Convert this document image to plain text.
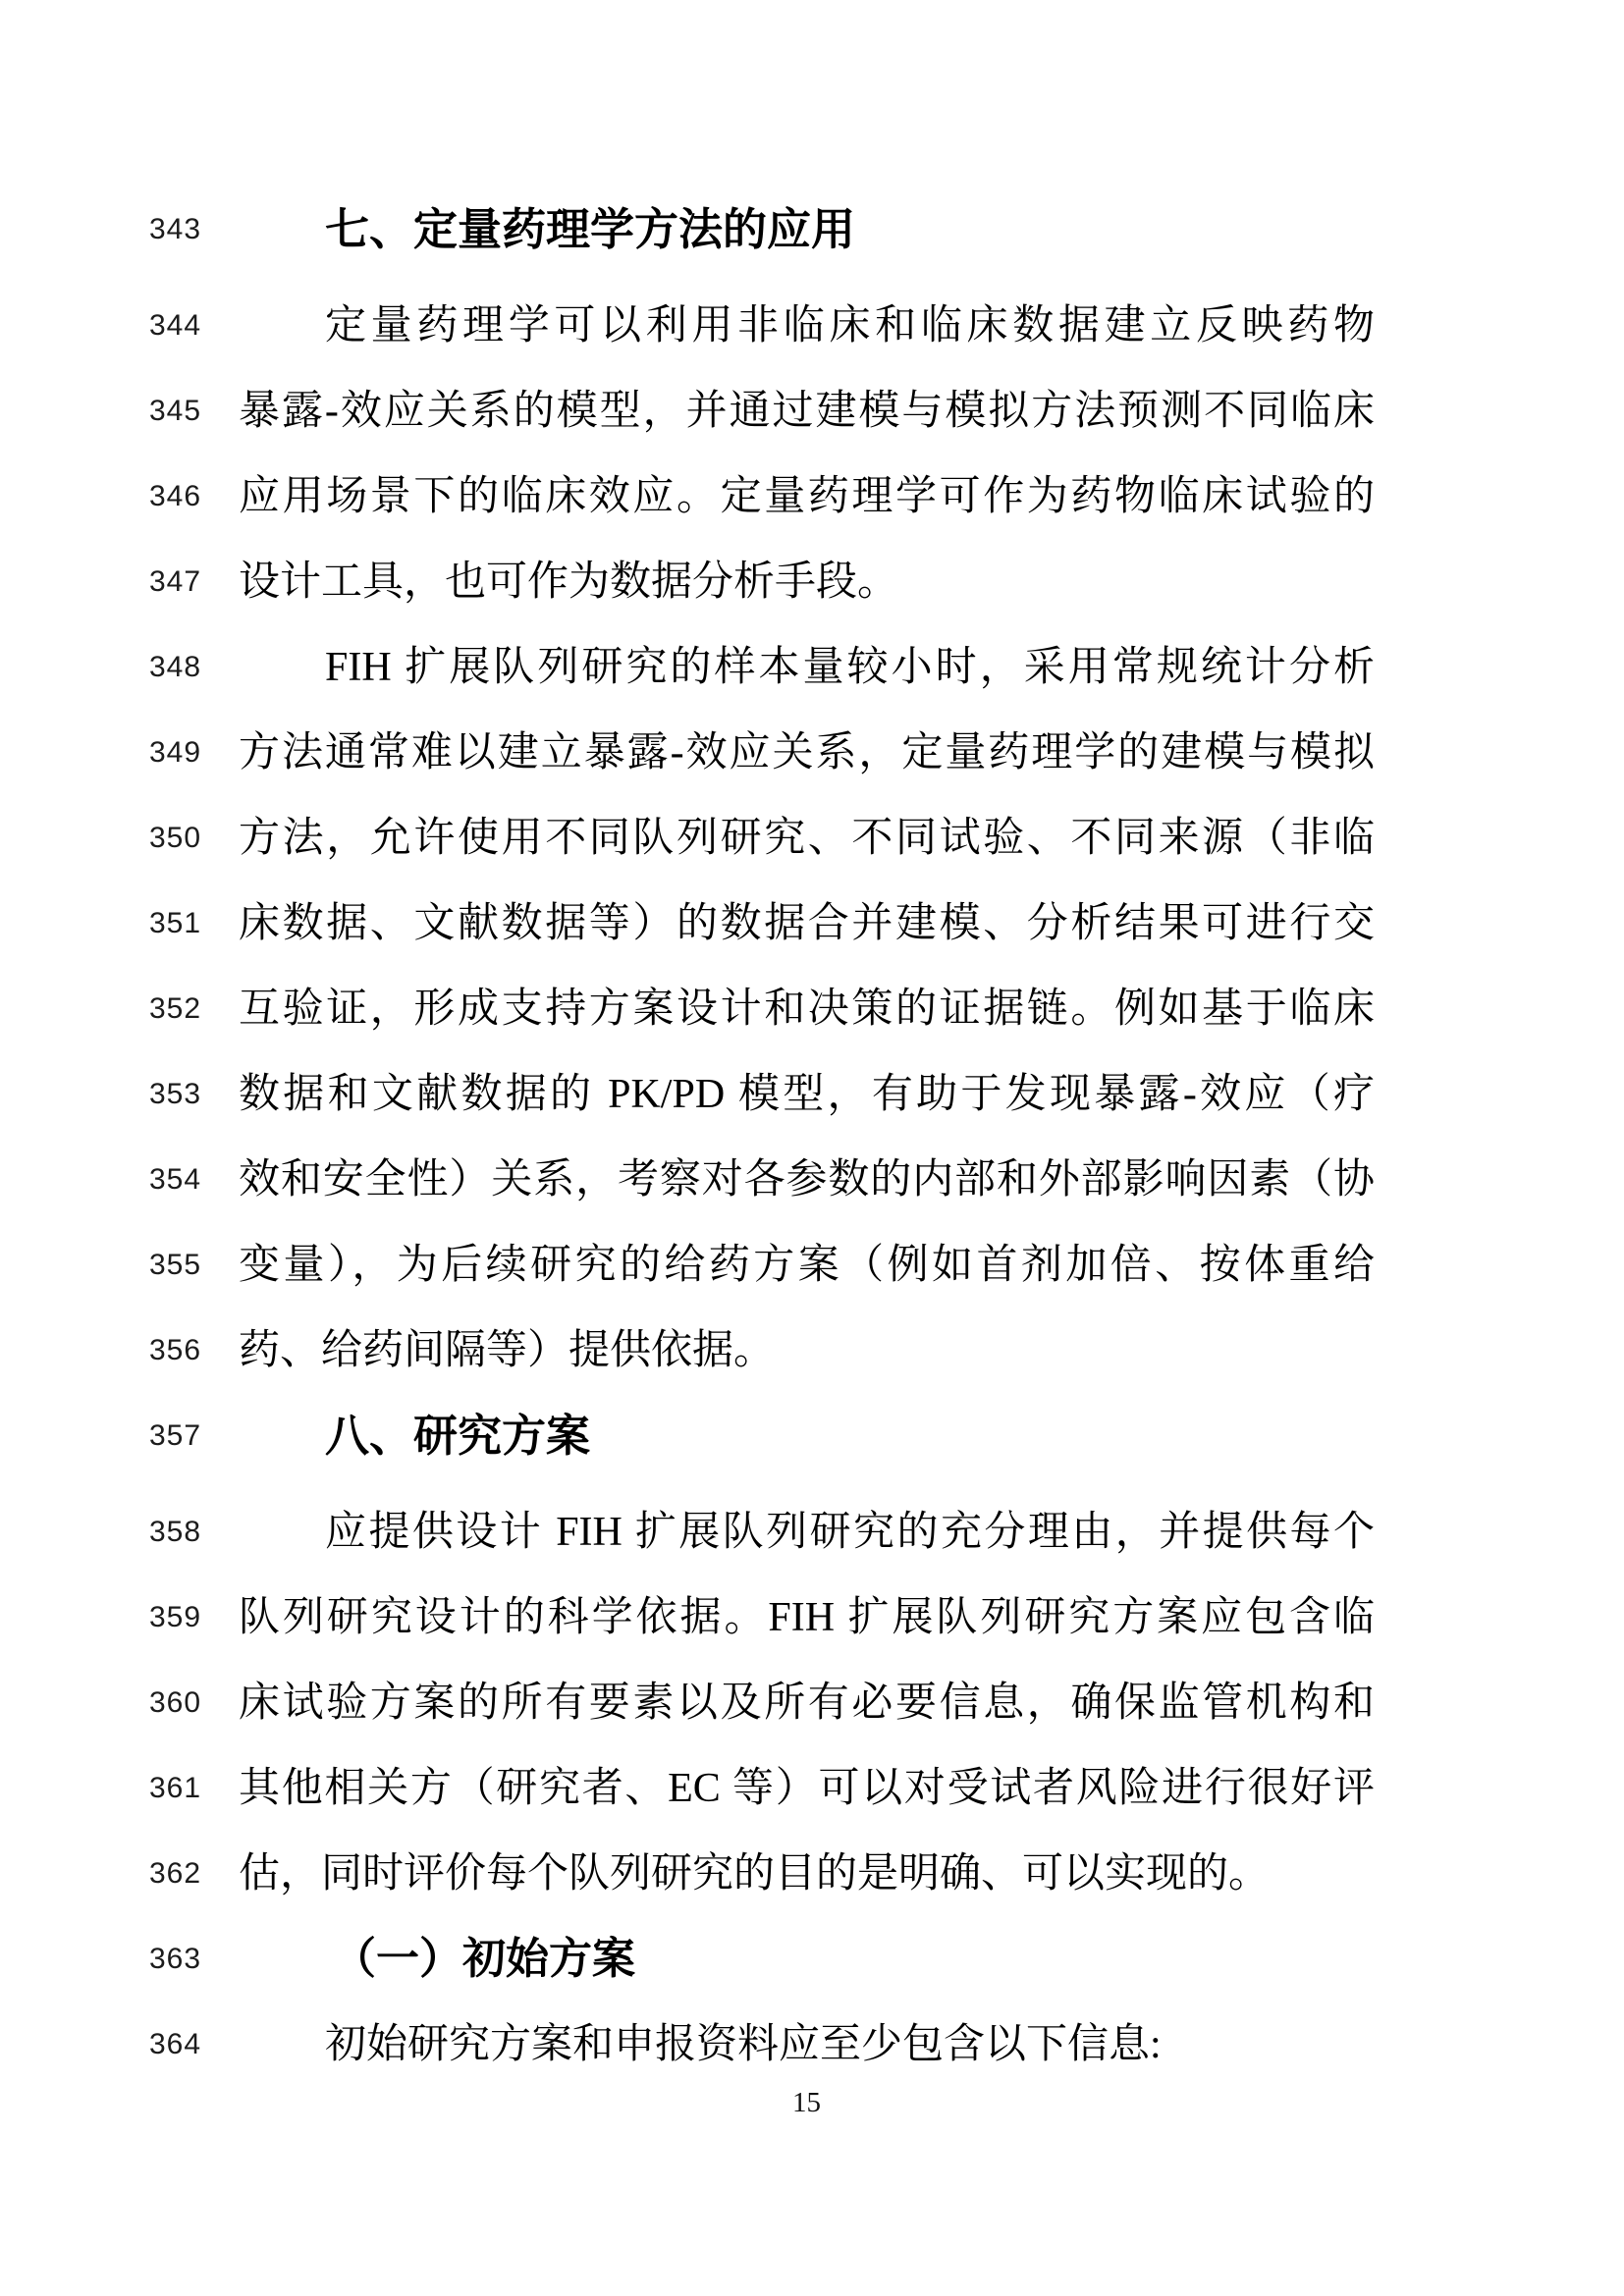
343	七、定量药理学方法的应用
344	定量药理学可以利用非临床和临床数据建立反映药物
345 暴露-效应关系的模型，并通过建模与模拟方法预测不同临床
346 应用场景下的临床效应。定量药理学可作为药物临床试验的
347 设计工具，也可作为数据分析手段。
348	FIH 扩展队列研究的样本量较小时，采用常规统计分析
349 方法通常难以建立暴露-效应关系，定量药理学的建模与模拟
350 方法，允许使用不同队列研究、不同试验、不同来源（非临
351 床数据、文献数据等）的数据合并建模、分析结果可进行交
352 互验证，形成支持方案设计和决策的证据链。例如基于临床
353 数据和文献数据的 PK/PD 模型，有助于发现暴露-效应（疗
354 效和安全性）关系，考察对各参数的内部和外部影响因素（协
355 变量），为后续研究的给药方案（例如首剂加倍、按体重给
356 药、给药间隔等）提供依据。
357	八、研究方案
358	应提供设计 FIH 扩展队列研究的充分理由，并提供每个
359 队列研究设计的科学依据。FIH 扩展队列研究方案应包含临
360 床试验方案的所有要素以及所有必要信息，确保监管机构和
361 其他相关方（研究者、EC 等）可以对受试者风险进行很好评
362 估，同时评价每个队列研究的目的是明确、可以实现的。
363	（一）初始方案
364	初始研究方案和申报资料应至少包含以下信息:
15
